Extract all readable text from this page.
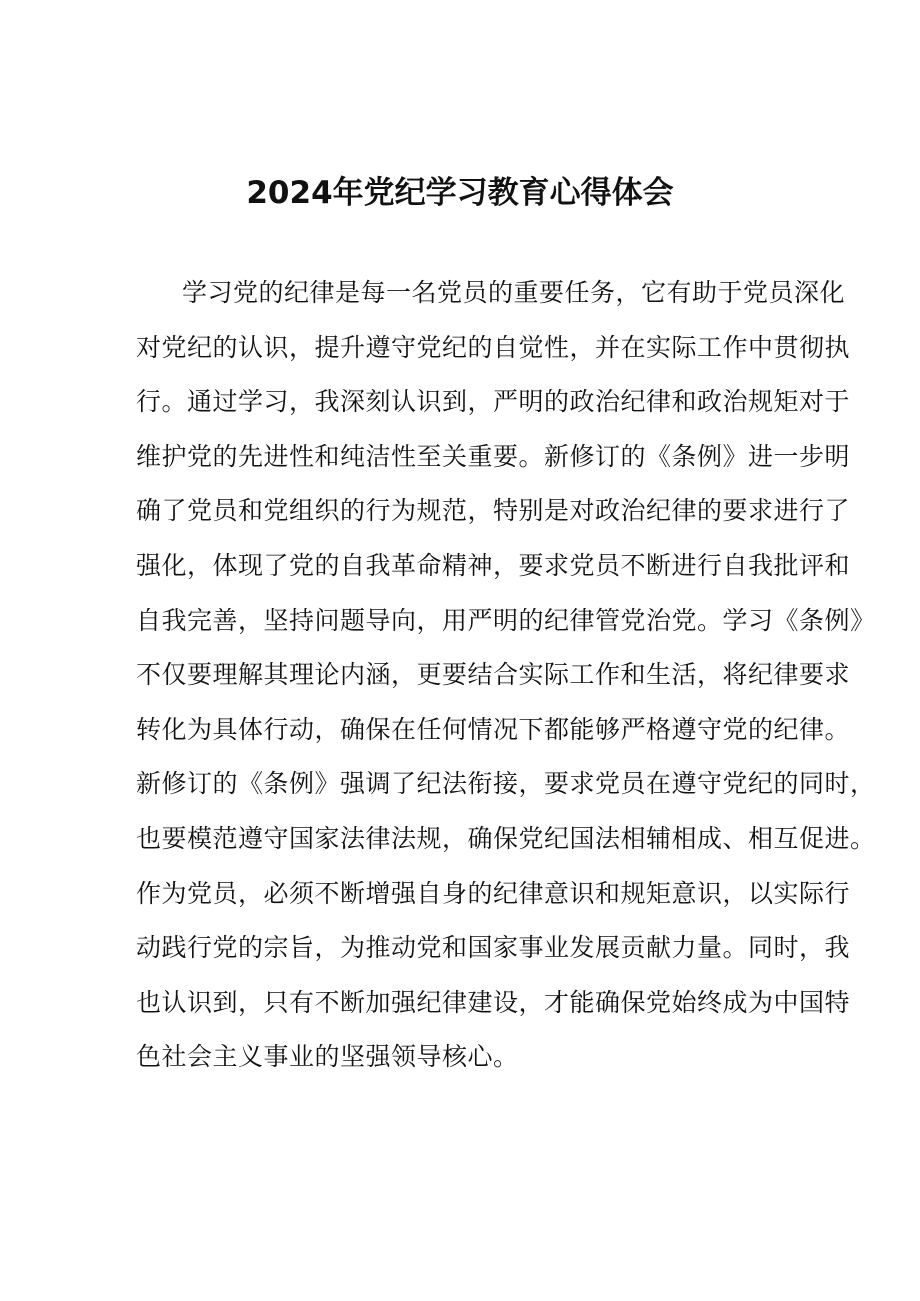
2024年党纪学习教育心得体会
学习党的纪律是每一名党员的重要任务，它有助于党员深化
对党纪的认识，提升遵守党纪的自觉性，并在实际工作中贯彻执
行。通过学习，我深刻认识到，严明的政治纪律和政治规矩对于
维护党的先进性和纯洁性至关重要。新修订的《条例》进一步明
确了党员和党组织的行为规范，特别是对政治纪律的要求进行了
强化，体现了党的自我革命精神，要求党员不断进行自我批评和
自我完善，坚持问题导向，用严明的纪律管党治党。学习《条例》
不仅要理解其理论内涵，更要结合实际工作和生活，将纪律要求
转化为具体行动，确保在任何情况下都能够严格遵守党的纪律。
新修订的《条例》强调了纪法衔接，要求党员在遵守党纪的同时，
也要模范遵守国家法律法规，确保党纪国法相辅相成、相互促进。
作为党员，必须不断增强自身的纪律意识和规矩意识，以实际行
动践行党的宗旨，为推动党和国家事业发展贡献力量。同时，我
也认识到，只有不断加强纪律建设，才能确保党始终成为中国特
色社会主义事业的坚强领导核心。
